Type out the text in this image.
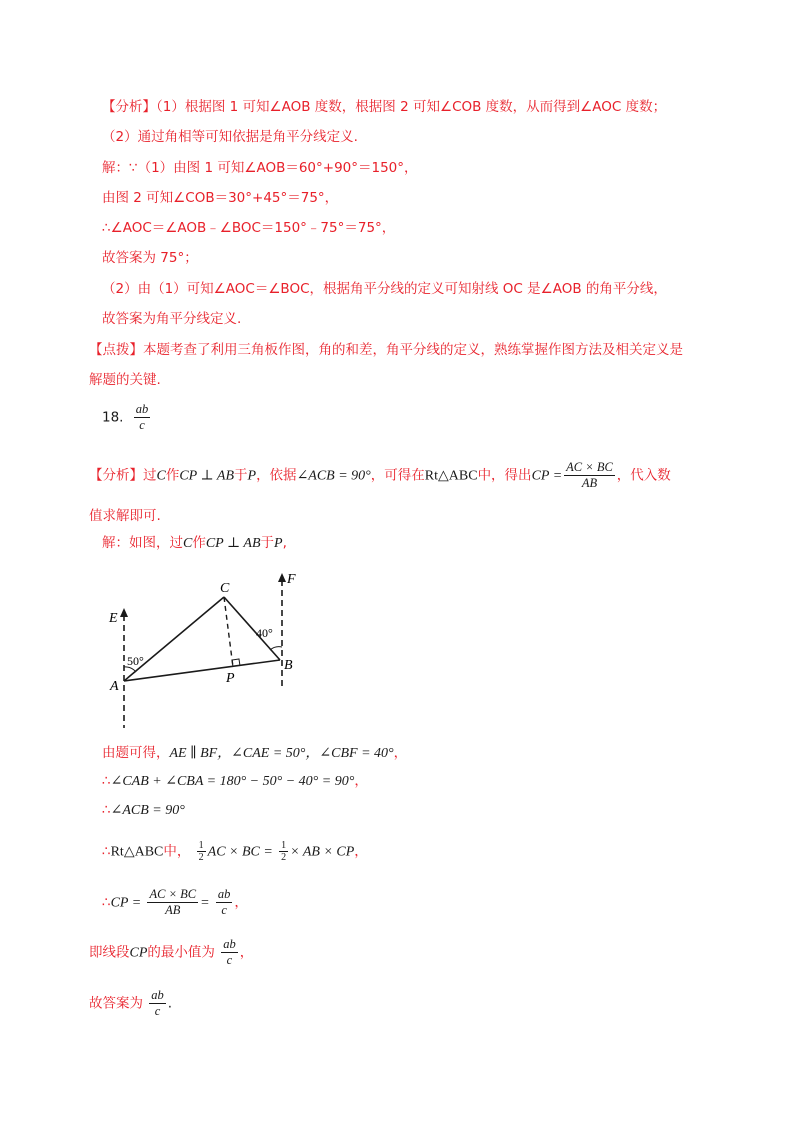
【分析】（1）根据图 1 可知∠AOB 度数，根据图 2 可知∠COB 度数，从而得到∠AOC 度数；
（2）通过角相等可知依据是角平分线定义.
解：∵（1）由图 1 可知∠AOB＝60°+90°＝150°，
由图 2 可知∠COB＝30°+45°＝75°，
∴∠AOC＝∠AOB﹣∠BOC＝150°﹣75°＝75°，
故答案为 75°；
（2）由（1）可知∠AOC＝∠BOC，根据角平分线的定义可知射线 OC 是∠AOB 的角平分线，
故答案为角平分线定义.
【点拨】本题考查了利用三角板作图，角的和差，角平分线的定义，熟练掌握作图方法及相关定义是
解题的关键.
18. $\frac{ab}{c}$
【分析】过C作CP ⊥ AB于P，依据∠ACB = 90°，可得在Rt△ABC中，得出CP = $\frac{AC \times BC}{AB}$ ，代入数
值求解即可.
解：如图，过C作CP ⊥ AB于P,
E
F
A
B
C
P
50°
40°
由题可得，AE ∥ BF，∠CAE = 50°，∠CBF = 40°，
∴∠CAB + ∠CBA = 180° − 50° − 40° = 90°，
∴∠ACB = 90°
∴Rt△ABC中， $\frac{1}{2}$ AC × BC = $\frac{1}{2}$ × AB × CP，
∴CP = $\frac{AC \times BC}{AB} = \frac{ab}{c}$ ，
即线段CP的最小值为 $\frac{ab}{c}$ ，
故答案为 $\frac{ab}{c}$ .
